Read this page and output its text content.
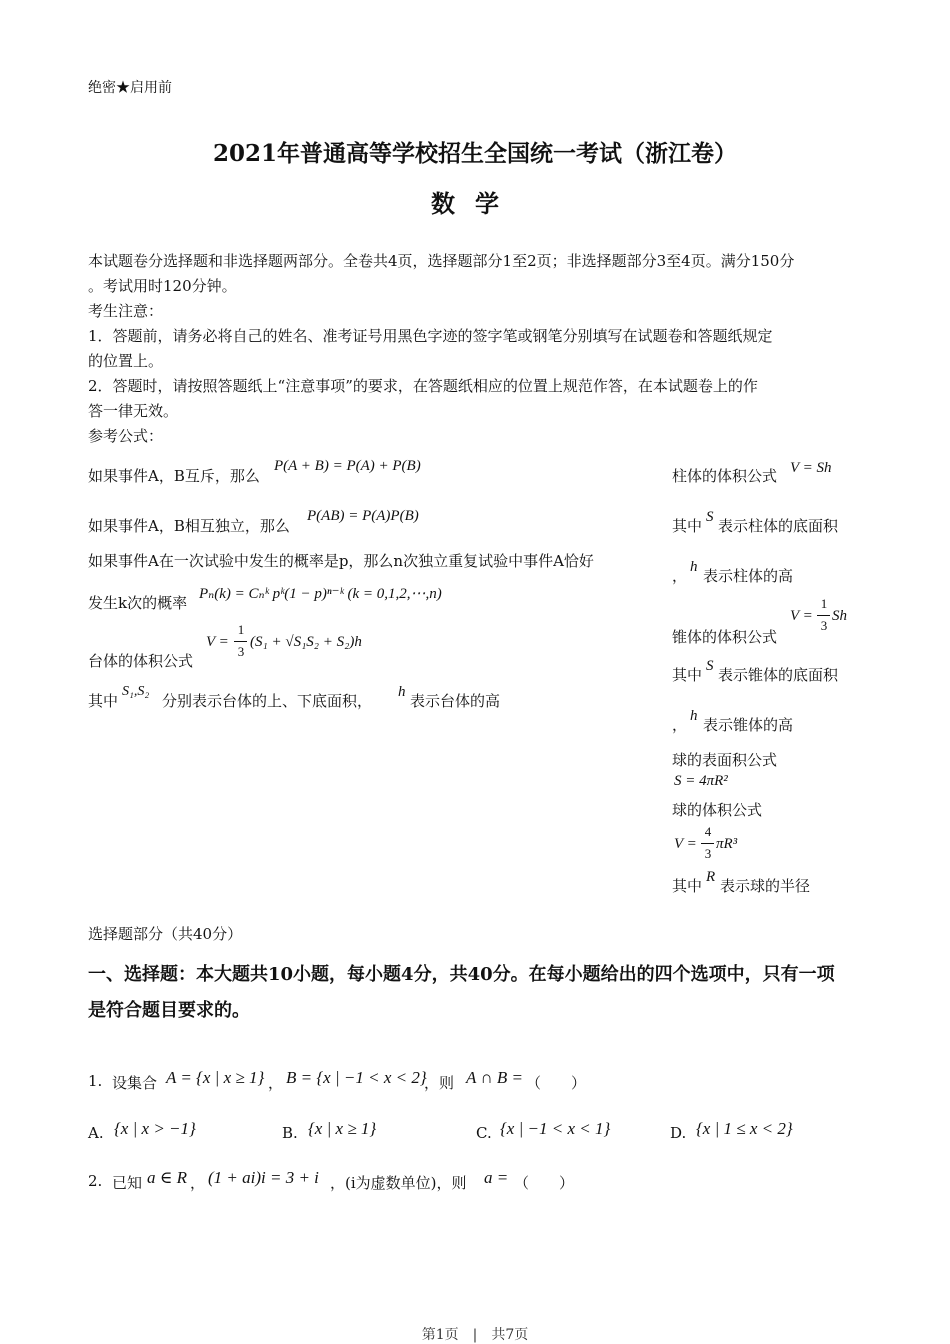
绝密★启用前
2021年普通高等学校招生全国统一考试（浙江卷）
数学
本试题卷分选择题和非选择题两部分。全卷共4页，选择题部分1至2页；非选择题部分3至4页。满分150分
。考试用时120分钟。
考生注意：
1．答题前，请务必将自己的姓名、准考证号用黑色字迹的签字笔或钢笔分别填写在试题卷和答题纸规定
的位置上。
2．答题时，请按照答题纸上“注意事项”的要求，在答题纸相应的位置上规范作答，在本试题卷上的作
答一律无效。
参考公式：
如果事件A，B互斥，那么
P(A + B) = P(A) + P(B)
如果事件A，B相互独立，那么
P(AB) = P(A)P(B)
如果事件A在一次试验中发生的概率是p，那么n次独立重复试验中事件A恰好
发生k次的概率 Pₙ(k) = Cₙᵏ pᵏ(1 − p)ⁿ⁻ᵏ (k = 0,1,2,⋯,n)
台体的体积公式
V =
1
3
(S₁ + √S₁S₂ + S₂)h
其中
S₁,S₂
分别表示台体的上、下底面积， h 表示台体的高
柱体的体积公式 V = Sh
其中 S 表示柱体的底面积
， h 表示柱体的高
锥体的体积公式
V =
1
3
Sh
其中 S 表示锥体的底面积
， h 表示锥体的高
球的表面积公式
S = 4πR²
球的体积公式
V =
4
3
πR³
其中 R 表示球的半径
选择题部分（共40分）
一、选择题：本大题共10小题，每小题4分，共40分。在每小题给出的四个选项中，只有一项
是符合题目要求的。
1. 设集合 A = {x | x ≥ 1} ， B = {x | −1 < x < 2}
，则 A ∩ B = （　　）
A. {x | x > −1}	B. {x | x ≥ 1}	C. {x | −1 < x < 1}	D. {x | 1 ≤ x < 2}
2. 已知 a ∈ R ， (1 + ai)i = 3 + i ，(i为虚数单位)，则 a = （　　）
第1页　|　共7页
